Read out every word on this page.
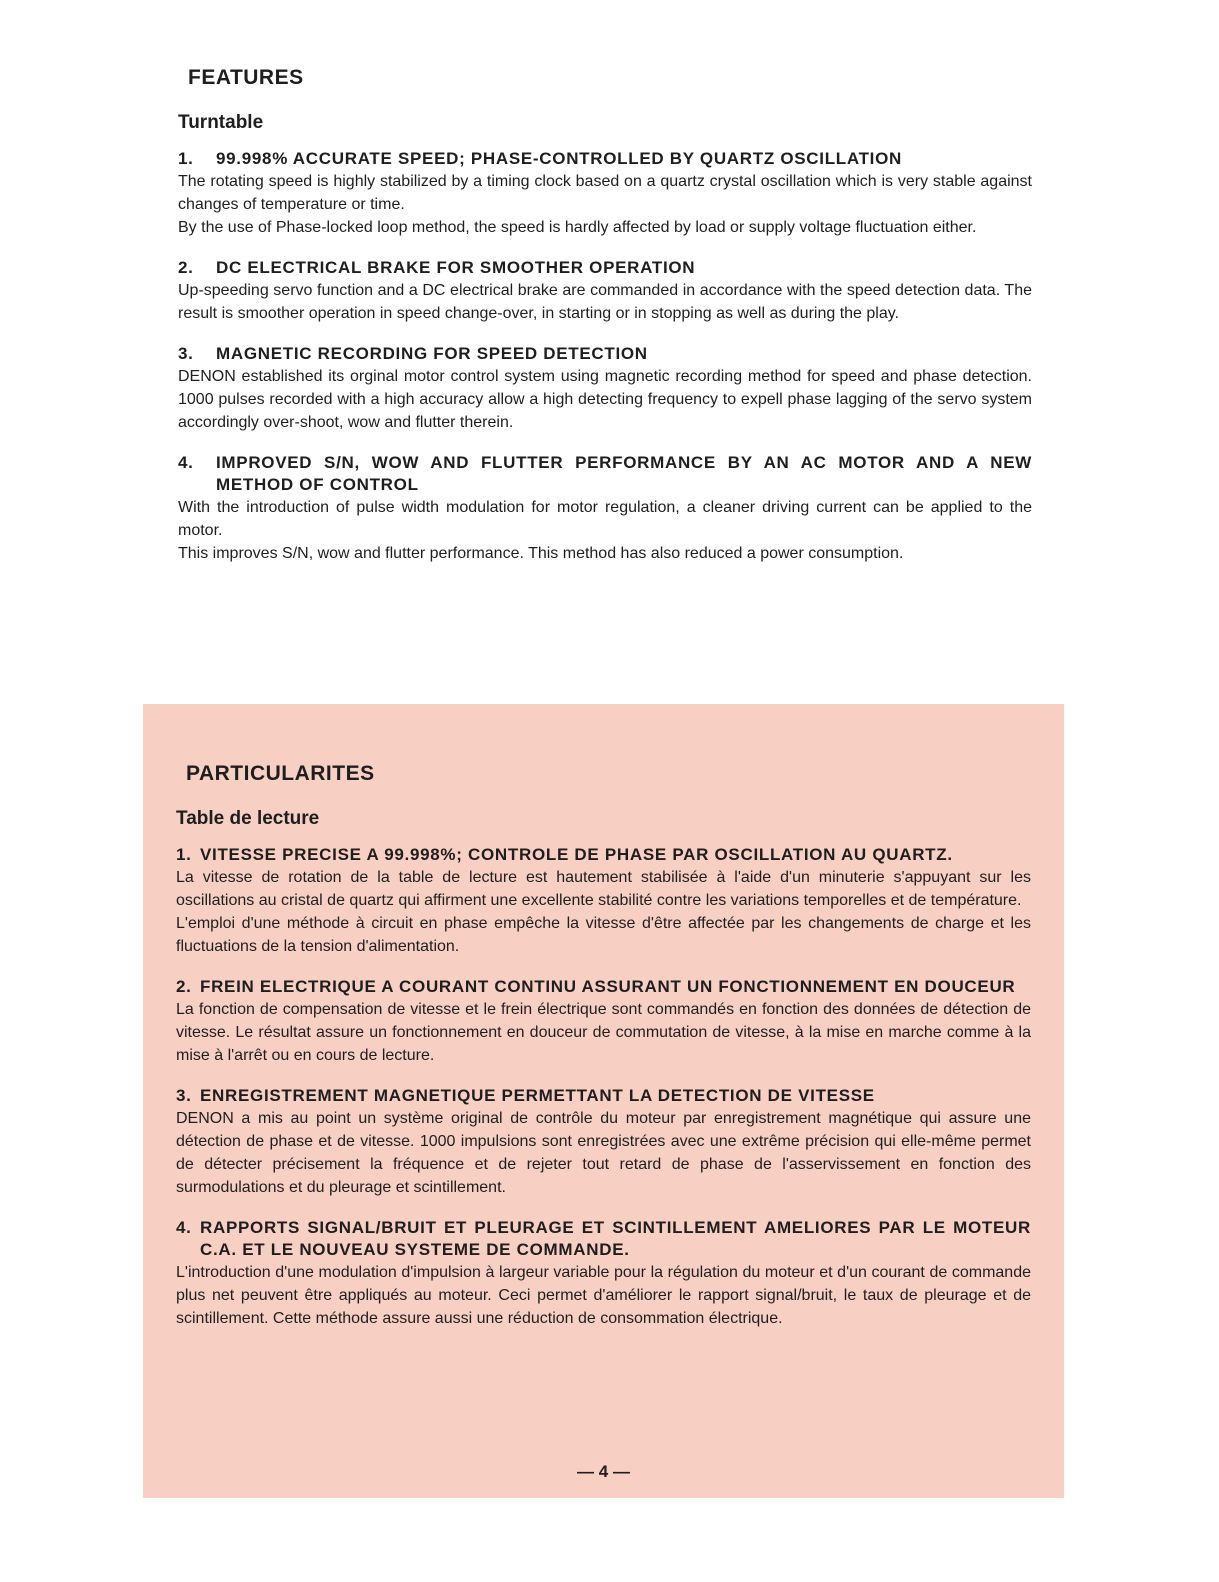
FEATURES
Turntable
1.	99.998% ACCURATE SPEED; PHASE-CONTROLLED BY QUARTZ OSCILLATION

The rotating speed is highly stabilized by a timing clock based on a quartz crystal oscillation which is very stable against changes of temperature or time.

By the use of Phase-locked loop method, the speed is hardly affected by load or supply voltage fluctuation either.

2.	DC ELECTRICAL BRAKE FOR SMOOTHER OPERATION

Up-speeding servo function and a DC electrical brake are commanded in accordance with the speed detection data. The result is smoother operation in speed change-over, in starting or in stopping as well as during the play.

3.	MAGNETIC RECORDING FOR SPEED DETECTION

DENON established its orginal motor control system using magnetic recording method for speed and phase detection. 1000 pulses recorded with a high accuracy allow a high detecting frequency to expell phase lagging of the servo system accordingly over-shoot, wow and flutter therein.

4.	IMPROVED S/N, WOW AND FLUTTER PERFORMANCE BY AN AC MOTOR AND A NEW METHOD OF CONTROL

With the introduction of pulse width modulation for motor regulation, a cleaner driving current can be applied to the motor.

This improves S/N, wow and flutter performance. This method has also reduced a power consumption.

PARTICULARITES
Table de lecture
1. VITESSE PRECISE A 99.998%; CONTROLE DE PHASE PAR OSCILLATION AU QUARTZ.

La vitesse de rotation de la table de lecture est hautement stabilisée à l'aide d'un minuterie s'appuyant sur les oscillations au cristal de quartz qui affirment une excellente stabilité contre les variations temporelles et de température.

L'emploi d'une méthode à circuit en phase empêche la vitesse d'être affectée par les changements de charge et les fluctuations de la tension d'alimentation.

2. FREIN ELECTRIQUE A COURANT CONTINU ASSURANT UN FONCTIONNEMENT EN DOUCEUR

La fonction de compensation de vitesse et le frein électrique sont commandés en fonction des données de détection de vitesse. Le résultat assure un fonctionnement en douceur de commutation de vitesse, à la mise en marche comme à la mise à l'arrêt ou en cours de lecture.

3. ENREGISTREMENT MAGNETIQUE PERMETTANT LA DETECTION DE VITESSE

DENON a mis au point un système original de contrôle du moteur par enregistrement magnétique qui assure une détection de phase et de vitesse. 1000 impulsions sont enregistrées avec une extrême précision qui elle-même permet de détecter précisement la fréquence et de rejeter tout retard de phase de l'asservissement en fonction des surmodulations et du pleurage et scintillement.

4. RAPPORTS SIGNAL/BRUIT ET PLEURAGE ET SCINTILLEMENT AMELIORES PAR LE MOTEUR C.A. ET LE NOUVEAU SYSTEME DE COMMANDE.

L'introduction d'une modulation d'impulsion à largeur variable pour la régulation du moteur et d'un courant de commande plus net peuvent être appliqués au moteur. Ceci permet d'améliorer le rapport signal/bruit, le taux de pleurage et de scintillement. Cette méthode assure aussi une réduction de consommation électrique.

— 4 —
